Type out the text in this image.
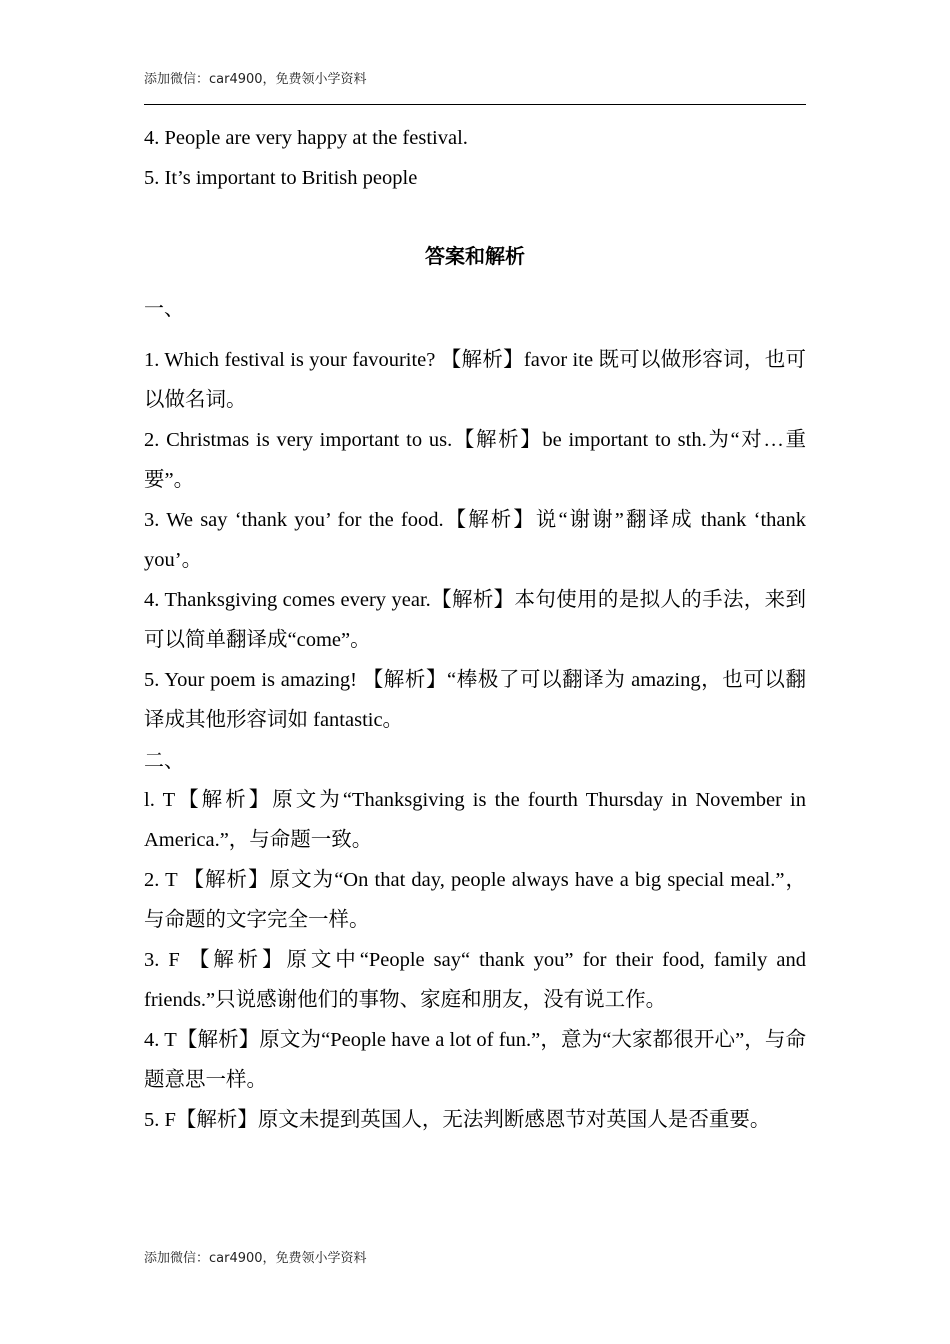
添加微信：car4900，免费领小学资料

4. People are very happy at the festival.

5. It’s important to British people

答案和解析

一、

1. Which festival is your favourite? 【解析】favor ite 既可以做形容词，也可以做名词。

2. Christmas is very important to us.【解析】be important to sth.为“对…重要”。

3. We say ‘thank you’ for the food.【解析】说“谢谢”翻译成 thank ‘thank you’。

4. Thanksgiving comes every year.【解析】本句使用的是拟人的手法，来到可以简单翻译成“come”。

5. Your poem is amazing! 【解析】“棒极了可以翻译为 amazing，也可以翻译成其他形容词如 fantastic。

二、

l. T【解析】原文为“Thanksgiving is the fourth Thursday in November in America.”，与命题一致。

2. T 【解析】原文为“On that day, people always have a big special meal.”，与命题的文字完全一样。

3. F 【解析】原文中“People say“ thank you” for their food, family and friends.”只说感谢他们的事物、家庭和朋友，没有说工作。

4. T【解析】原文为“People have a lot of fun.”，意为“大家都很开心”，与命题意思一样。

5. F【解析】原文未提到英国人，无法判断感恩节对英国人是否重要。

添加微信：car4900，免费领小学资料
